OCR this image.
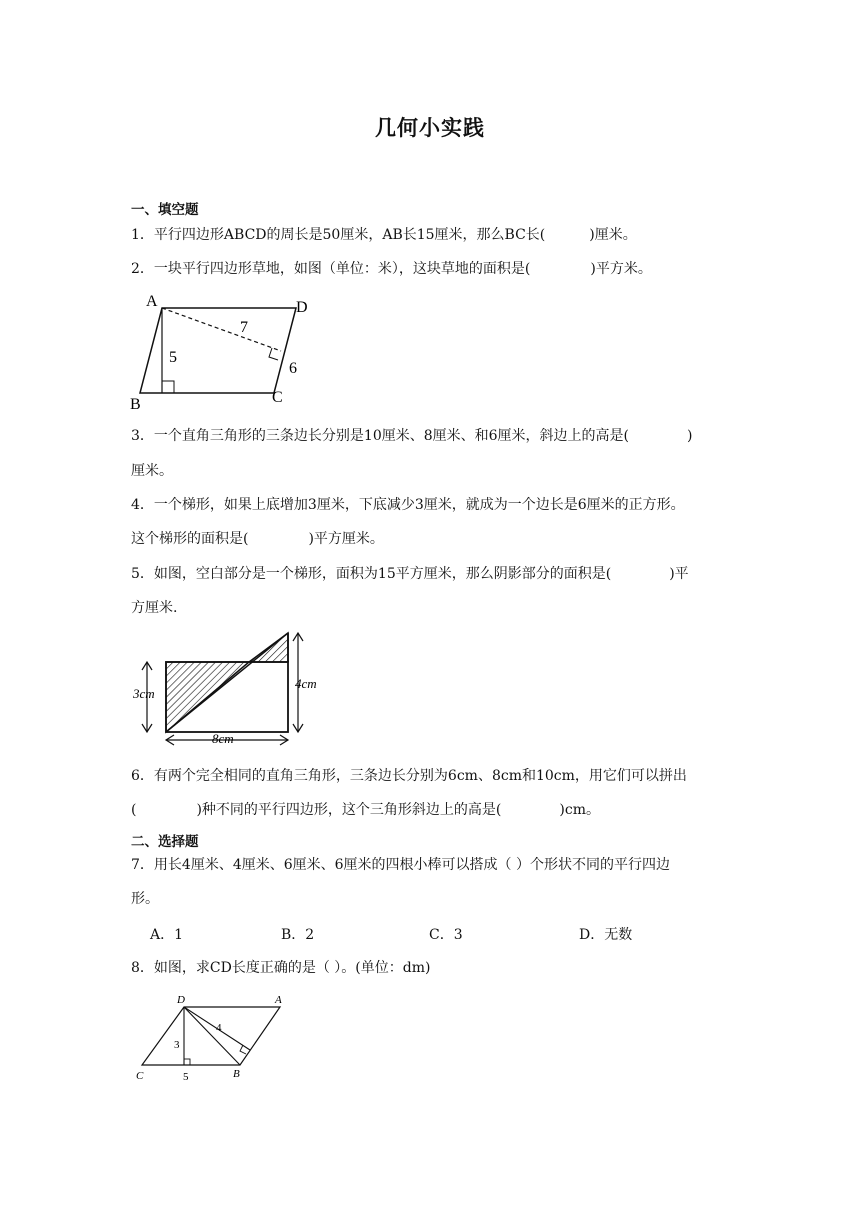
几何小实践
一、填空题
1．平行四边形ABCD的周长是50厘米，AB长15厘米，那么BC长(	)厘米。
2．一块平行四边形草地，如图（单位：米），这块草地的面积是(	)平方米。
A	D
B	C
5
7
6
3．一个直角三角形的三条边长分别是10厘米、8厘米、和6厘米，斜边上的高是(	)
厘米。
4．一个梯形，如果上底增加3厘米，下底减少3厘米，就成为一个边长是6厘米的正方形。
这个梯形的面积是(	)平方厘米。
5．如图，空白部分是一个梯形，面积为15平方厘米，那么阴影部分的面积是(	)平
方厘米.
3cm
4cm
8cm
6．有两个完全相同的直角三角形，三条边长分别为6cm、8cm和10cm，用它们可以拼出
(	)种不同的平行四边形，这个三角形斜边上的高是(	)cm。
二、选择题
7．用长4厘米、4厘米、6厘米、6厘米的四根小棒可以搭成（ ）个形状不同的平行四边
形。
A．1	B．2	C．3	D．无数
8．如图，求CD长度正确的是（ ）。(单位：dm)
D	A
C	B
3
4
5
